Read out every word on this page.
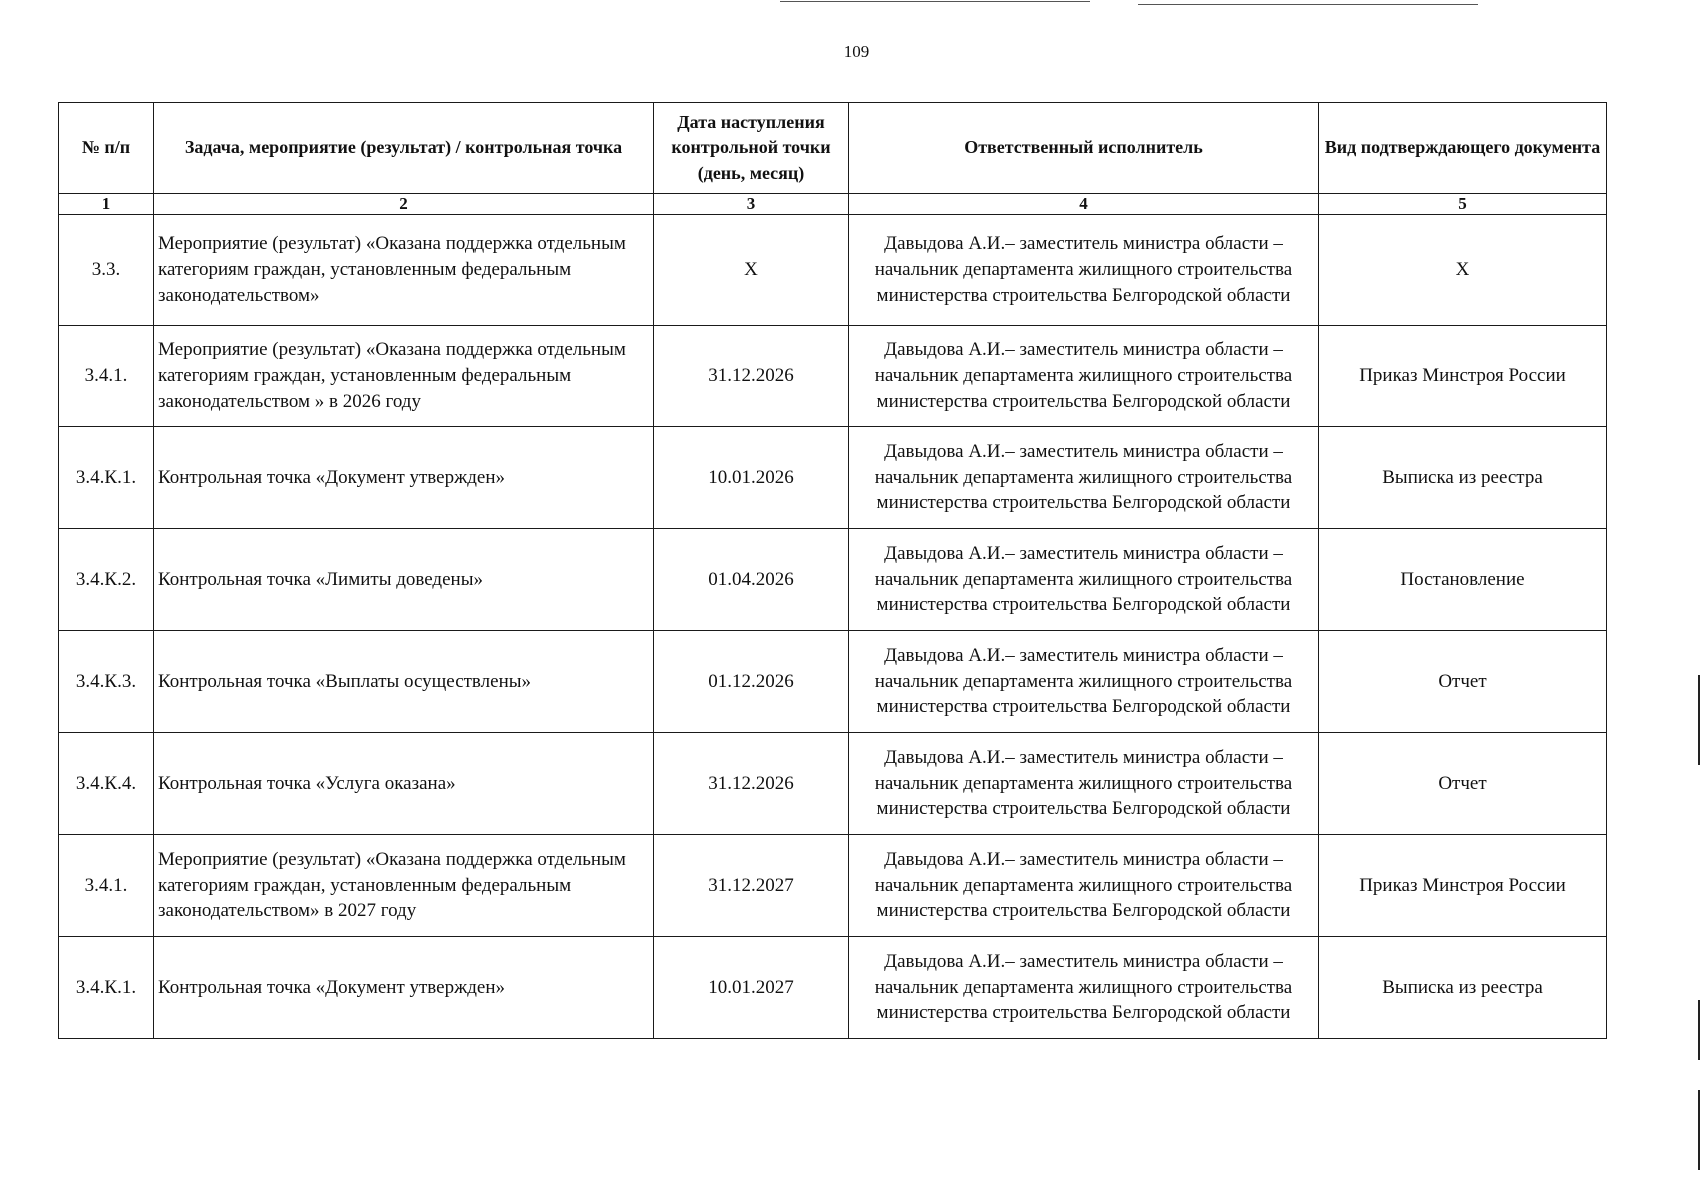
109
№ п/п	Задача, мероприятие (результат) / контрольная точка	Дата наступления контрольной точки (день, месяц)	Ответственный исполнитель	Вид подтверждающего документа
1	2	3	4	5
3.3.	Мероприятие (результат) «Оказана поддержка отдельным категориям граждан, установленным федеральным законодательством»	Х	Давыдова А.И.– заместитель министра области – начальник департамента жилищного строительства министерства строительства Белгородской области	Х
3.4.1.	Мероприятие (результат) «Оказана поддержка отдельным категориям граждан, установленным федеральным законодательством » в 2026 году	31.12.2026	Давыдова А.И.– заместитель министра области – начальник департамента жилищного строительства министерства строительства Белгородской области	Приказ Минстроя России
3.4.К.1.	Контрольная точка «Документ утвержден»	10.01.2026	Давыдова А.И.– заместитель министра области – начальник департамента жилищного строительства министерства строительства Белгородской области	Выписка из реестра
3.4.К.2.	Контрольная точка «Лимиты доведены»	01.04.2026	Давыдова А.И.– заместитель министра области – начальник департамента жилищного строительства министерства строительства Белгородской области	Постановление
3.4.К.3.	Контрольная точка «Выплаты осуществлены»	01.12.2026	Давыдова А.И.– заместитель министра области – начальник департамента жилищного строительства министерства строительства Белгородской области	Отчет
3.4.К.4.	Контрольная точка «Услуга оказана»	31.12.2026	Давыдова А.И.– заместитель министра области – начальник департамента жилищного строительства министерства строительства Белгородской области	Отчет
3.4.1.	Мероприятие (результат) «Оказана поддержка отдельным категориям граждан, установленным федеральным законодательством» в 2027 году	31.12.2027	Давыдова А.И.– заместитель министра области – начальник департамента жилищного строительства министерства строительства Белгородской области	Приказ Минстроя России
3.4.К.1.	Контрольная точка «Документ утвержден»	10.01.2027	Давыдова А.И.– заместитель министра области – начальник департамента жилищного строительства министерства строительства Белгородской области	Выписка из реестра
